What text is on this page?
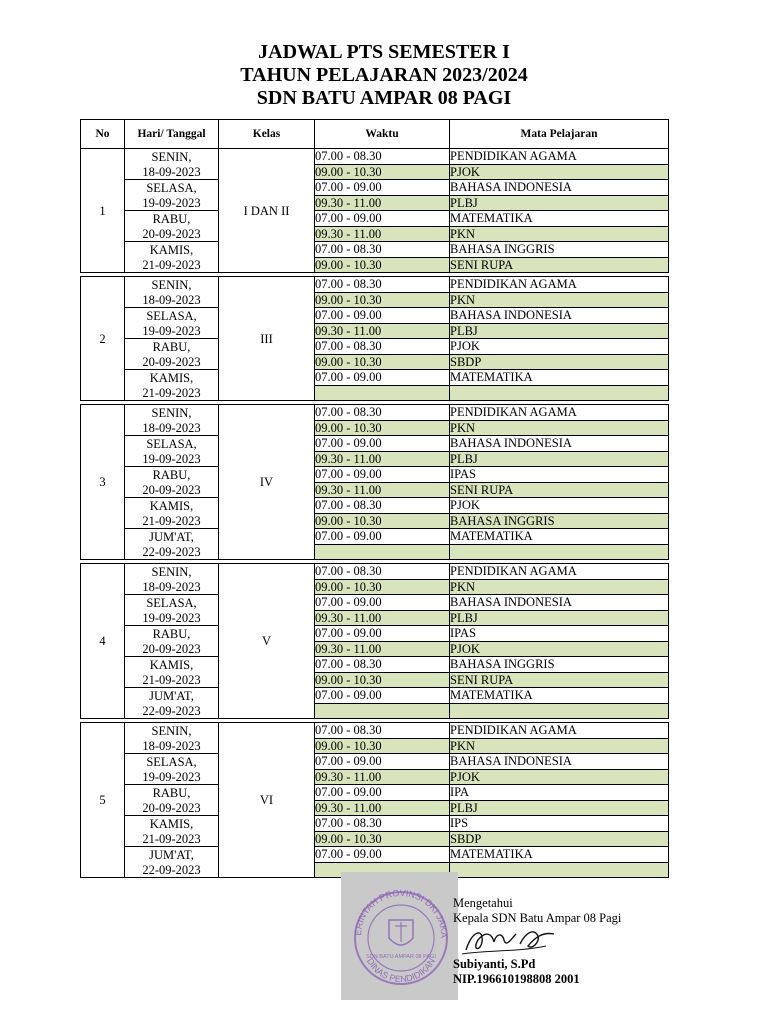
JADWAL PTS SEMESTER I
TAHUN PELAJARAN 2023/2024
SDN BATU AMPAR 08 PAGI
No	Hari/ Tanggal	Kelas	Waktu	Mata Pelajaran
1	SENIN,	I DAN II	07.00 - 08.30	PENDIDIKAN AGAMA
	18-09-2023		09.00 - 10.30	PJOK
	SELASA,		07.00 - 09.00	BAHASA INDONESIA
	19-09-2023		09.30 - 11.00	PLBJ
	RABU,		07.00 - 09.00	MATEMATIKA
	20-09-2023		09.30 - 11.00	PKN
	KAMIS,		07.00 - 08.30	BAHASA INGGRIS
	21-09-2023		09.00 - 10.30	SENI RUPA

2	SENIN,	III	07.00 - 08.30	PENDIDIKAN AGAMA
	18-09-2023		09.00 - 10.30	PKN
	SELASA,		07.00 - 09.00	BAHASA INDONESIA
	19-09-2023		09.30 - 11.00	PLBJ
	RABU,		07.00 - 08.30	PJOK
	20-09-2023		09.00 - 10.30	SBDP
	KAMIS,		07.00 - 09.00	MATEMATIKA
	21-09-2023			

3	SENIN,	IV	07.00 - 08.30	PENDIDIKAN AGAMA
	18-09-2023		09.00 - 10.30	PKN
	SELASA,		07.00 - 09.00	BAHASA INDONESIA
	19-09-2023		09.30 - 11.00	PLBJ
	RABU,		07.00 - 09.00	IPAS
	20-09-2023		09.30 - 11.00	SENI RUPA
	KAMIS,		07.00 - 08.30	PJOK
	21-09-2023		09.00 - 10.30	BAHASA INGGRIS
	JUM'AT,		07.00 - 09.00	MATEMATIKA
	22-09-2023			

4	SENIN,	V	07.00 - 08.30	PENDIDIKAN AGAMA
	18-09-2023		09.00 - 10.30	PKN
	SELASA,		07.00 - 09.00	BAHASA INDONESIA
	19-09-2023		09.30 - 11.00	PLBJ
	RABU,		07.00 - 09.00	IPAS
	20-09-2023		09.30 - 11.00	PJOK
	KAMIS,		07.00 - 08.30	BAHASA INGGRIS
	21-09-2023		09.00 - 10.30	SENI RUPA
	JUM'AT,		07.00 - 09.00	MATEMATIKA
	22-09-2023			

5	SENIN,	VI	07.00 - 08.30	PENDIDIKAN AGAMA
	18-09-2023		09.00 - 10.30	PKN
	SELASA,		07.00 - 09.00	BAHASA INDONESIA
	19-09-2023		09.30 - 11.00	PJOK
	RABU,		07.00 - 09.00	IPA
	20-09-2023		09.30 - 11.00	PLBJ
	KAMIS,		07.00 - 08.30	IPS
	21-09-2023		09.00 - 10.30	SBDP
	JUM'AT,		07.00 - 09.00	MATEMATIKA
	22-09-2023			
ERINTAH PROVINSI DKI JAKA
DINAS PENDIDIKAN
SDN BATU AMPAR 08 PAGI
Mengetahui
Kepala SDN Batu Ampar 08 Pagi
Subiyanti, S.Pd
NIP.196610198808 2001
